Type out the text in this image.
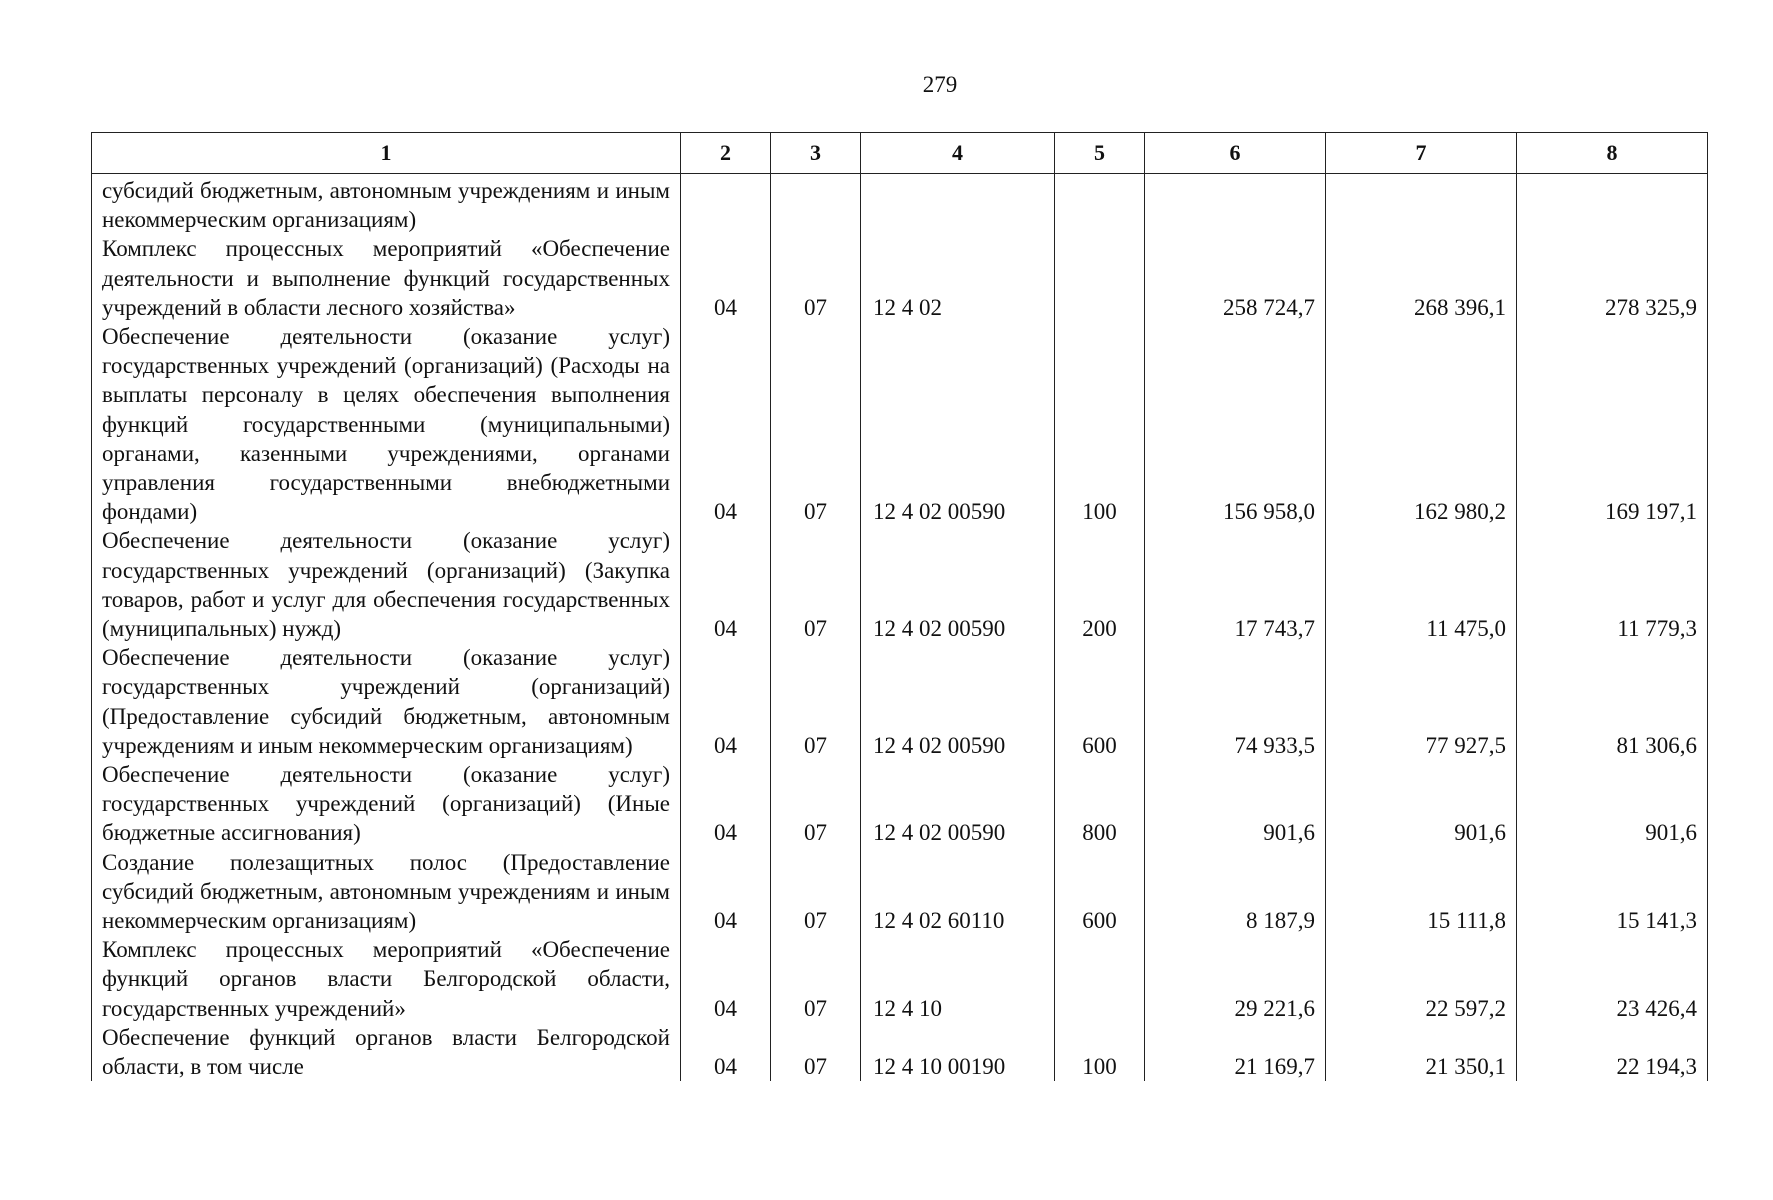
279
1	2	3	4	5	6	7	8
субсидий бюджетным, автономным учреждениям и иным некоммерческим организациям)							
Комплекс процессных мероприятий «Обеспечение деятельности и выполнение функций государственных учреждений в области лесного хозяйства»	04	07	12 4 02		258 724,7	268 396,1	278 325,9
Обеспечение деятельности (оказание услуг) государственных учреждений (организаций) (Расходы на выплаты персоналу в целях обеспечения выполнения функций государственными (муниципальными) органами, казенными учреждениями, органами управления государственными внебюджетными фондами)	04	07	12 4 02 00590	100	156 958,0	162 980,2	169 197,1
Обеспечение деятельности (оказание услуг) государственных учреждений (организаций) (Закупка товаров, работ и услуг для обеспечения государственных (муниципальных) нужд)	04	07	12 4 02 00590	200	17 743,7	11 475,0	11 779,3
Обеспечение деятельности (оказание услуг) государственных учреждений (организаций) (Предоставление субсидий бюджетным, автономным учреждениям и иным некоммерческим организациям)	04	07	12 4 02 00590	600	74 933,5	77 927,5	81 306,6
Обеспечение деятельности (оказание услуг) государственных учреждений (организаций) (Иные бюджетные ассигнования)	04	07	12 4 02 00590	800	901,6	901,6	901,6
Создание полезащитных полос (Предоставление субсидий бюджетным, автономным учреждениям и иным некоммерческим организациям)	04	07	12 4 02 60110	600	8 187,9	15 111,8	15 141,3
Комплекс процессных мероприятий «Обеспечение функций органов власти Белгородской области, государственных учреждений»	04	07	12 4 10		29 221,6	22 597,2	23 426,4
Обеспечение функций органов власти Белгородской области, в том числе	04	07	12 4 10 00190	100	21 169,7	21 350,1	22 194,3
